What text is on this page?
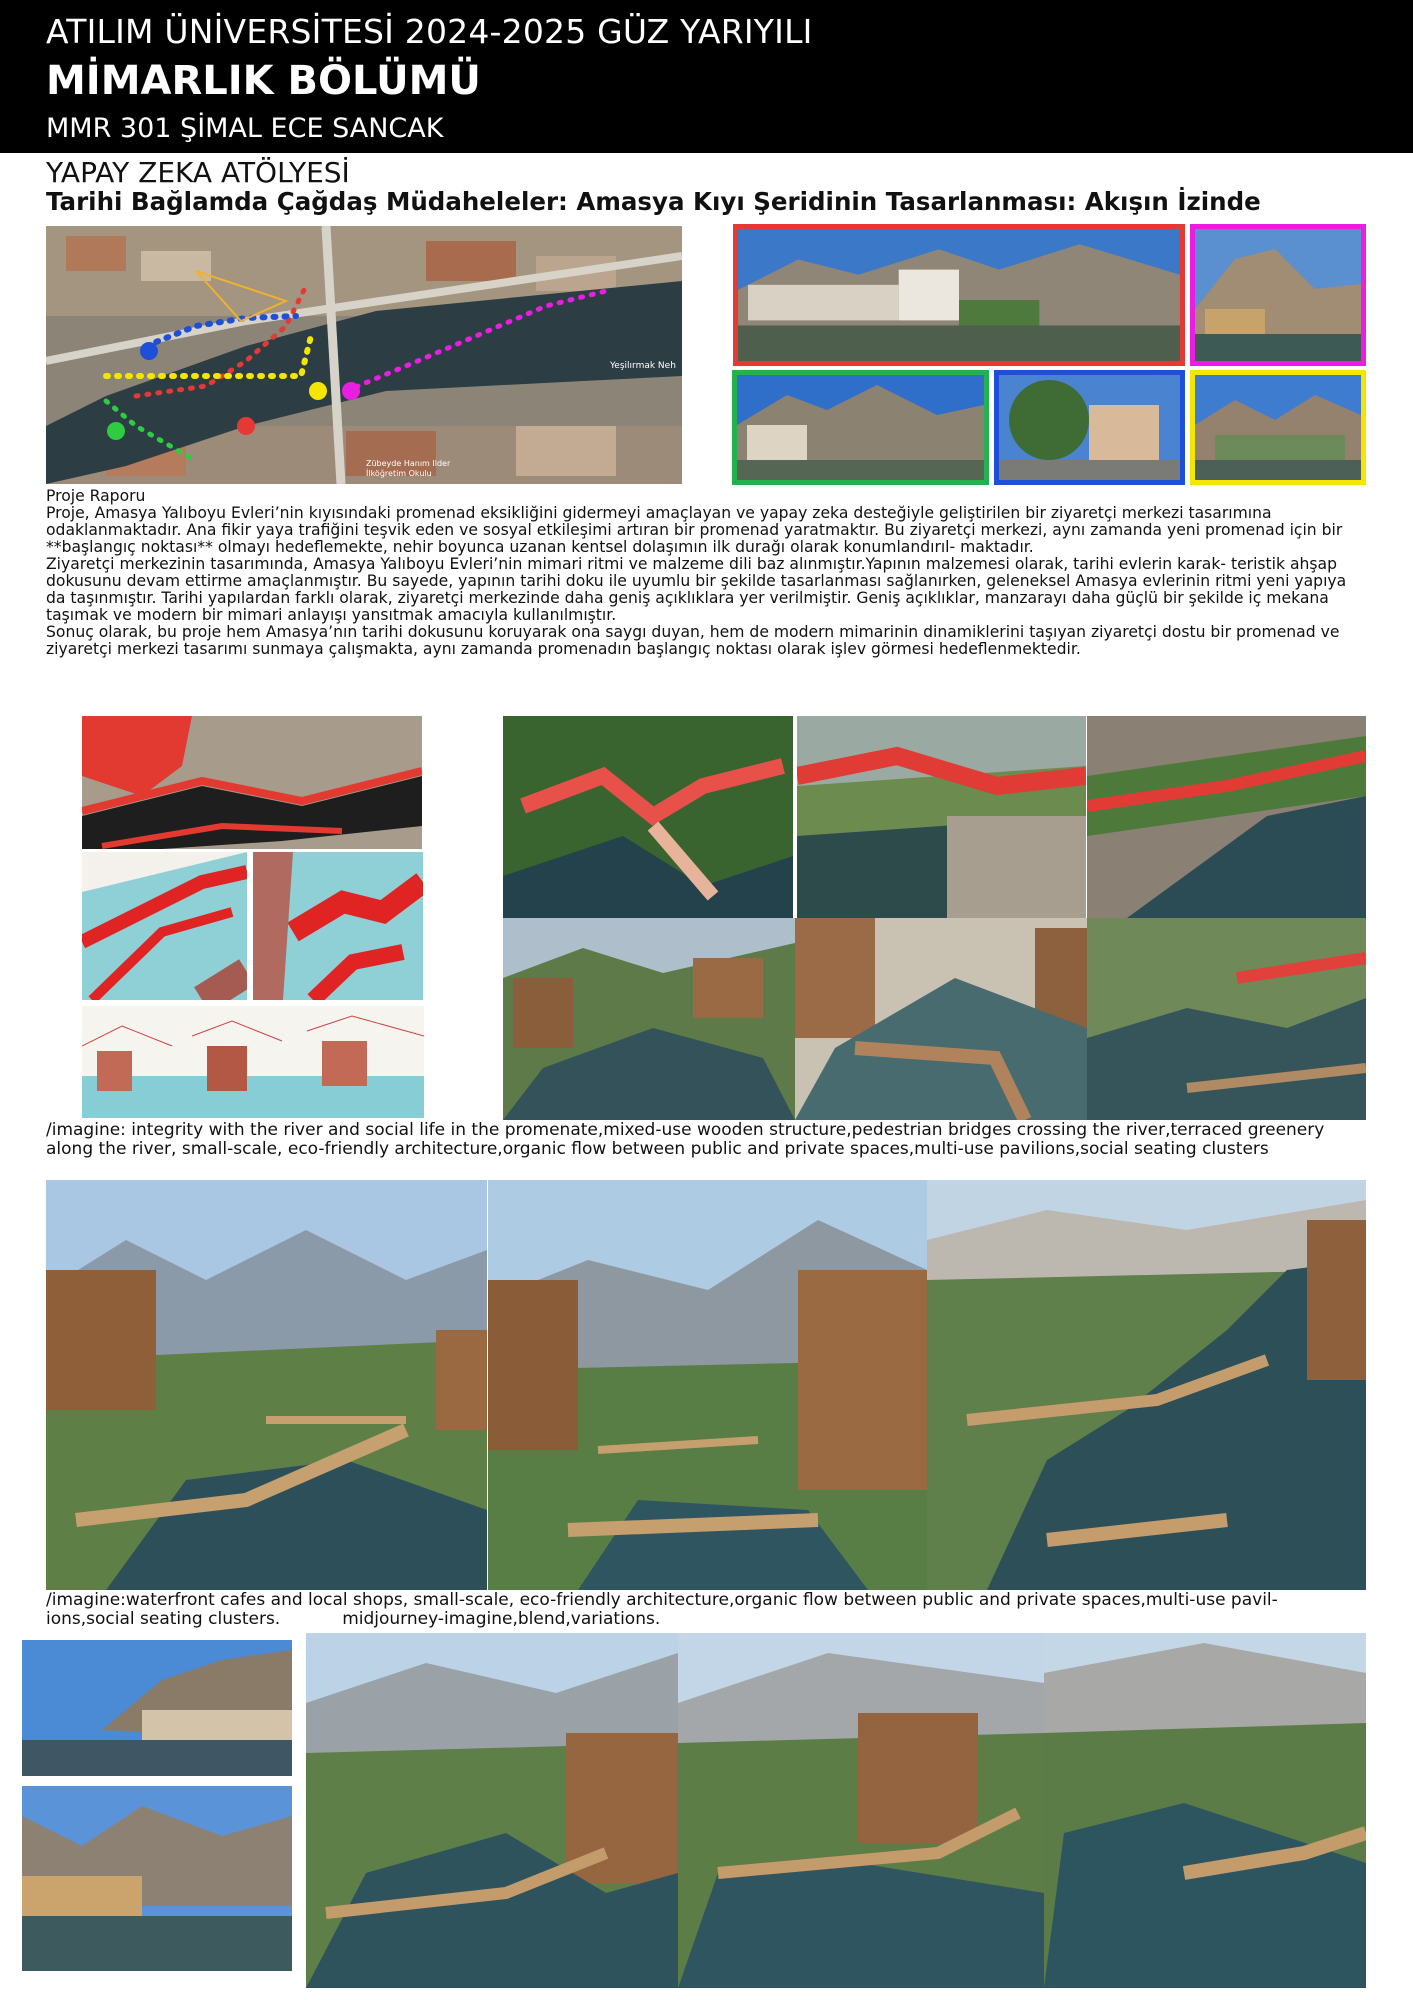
ATILIM ÜNİVERSİTESİ 2024-2025 GÜZ YARIYILI
MİMARLIK BÖLÜMÜ
MMR 301 ŞİMAL ECE SANCAK
YAPAY ZEKA ATÖLYESİ
Tarihi Bağlamda Çağdaş Müdaheleler: Amasya Kıyı Şeridinin Tasarlanması: Akışın İzinde
Yeşilırmak Neh
Zübeyde Hanım Ilder
İlköğretim Okulu

Proje Raporu

Proje, Amasya Yalıboyu Evleri’nin kıyısındaki promenad eksikliğini gidermeyi amaçlayan ve yapay zeka desteğiyle geliştirilen bir ziyaretçi merkezi tasarımına odaklanmaktadır. Ana fikir yaya trafiğini teşvik eden ve sosyal etkileşimi artıran bir promenad yaratmaktır. Bu ziyaretçi merkezi, aynı zamanda yeni promenad için bir **başlangıç noktası** olmayı hedeflemekte, nehir boyunca uzanan kentsel dolaşımın ilk durağı olarak konumlandırıl- maktadır.

Ziyaretçi merkezinin tasarımında, Amasya Yalıboyu Evleri’nin mimari ritmi ve malzeme dili baz alınmıştır.Yapının malzemesi olarak, tarihi evlerin karak- teristik ahşap dokusunu devam ettirme amaçlanmıştır. Bu sayede, yapının tarihi doku ile uyumlu bir şekilde tasarlanması sağlanırken, geleneksel Amasya evlerinin ritmi yeni yapıya da taşınmıştır. Tarihi yapılardan farklı olarak, ziyaretçi merkezinde daha geniş açıklıklara yer verilmiştir. Geniş açıklıklar, manzarayı daha güçlü bir şekilde iç mekana taşımak ve modern bir mimari anlayışı yansıtmak amacıyla kullanılmıştır.

Sonuç olarak, bu proje hem Amasya’nın tarihi dokusunu koruyarak ona saygı duyan, hem de modern mimarinin dinamiklerini taşıyan ziyaretçi dostu bir promenad ve ziyaretçi merkezi tasarımı sunmaya çalışmakta, aynı zamanda promenadın başlangıç noktası olarak işlev görmesi hedeflenmektedir.

/imagine: integrity with the river and social life in the promenate,mixed-use wooden structure,pedestrian bridges crossing the river,terraced greenery along the river, small-scale, eco-friendly architecture,organic flow between public and private spaces,multi-use pavilions,social seating clusters
/imagine:waterfront cafes and local shops, small-scale, eco-friendly architecture,organic flow between public and private spaces,multi-use pavil-
ions,social seating clusters.	midjourney-imagine,blend,variations.
